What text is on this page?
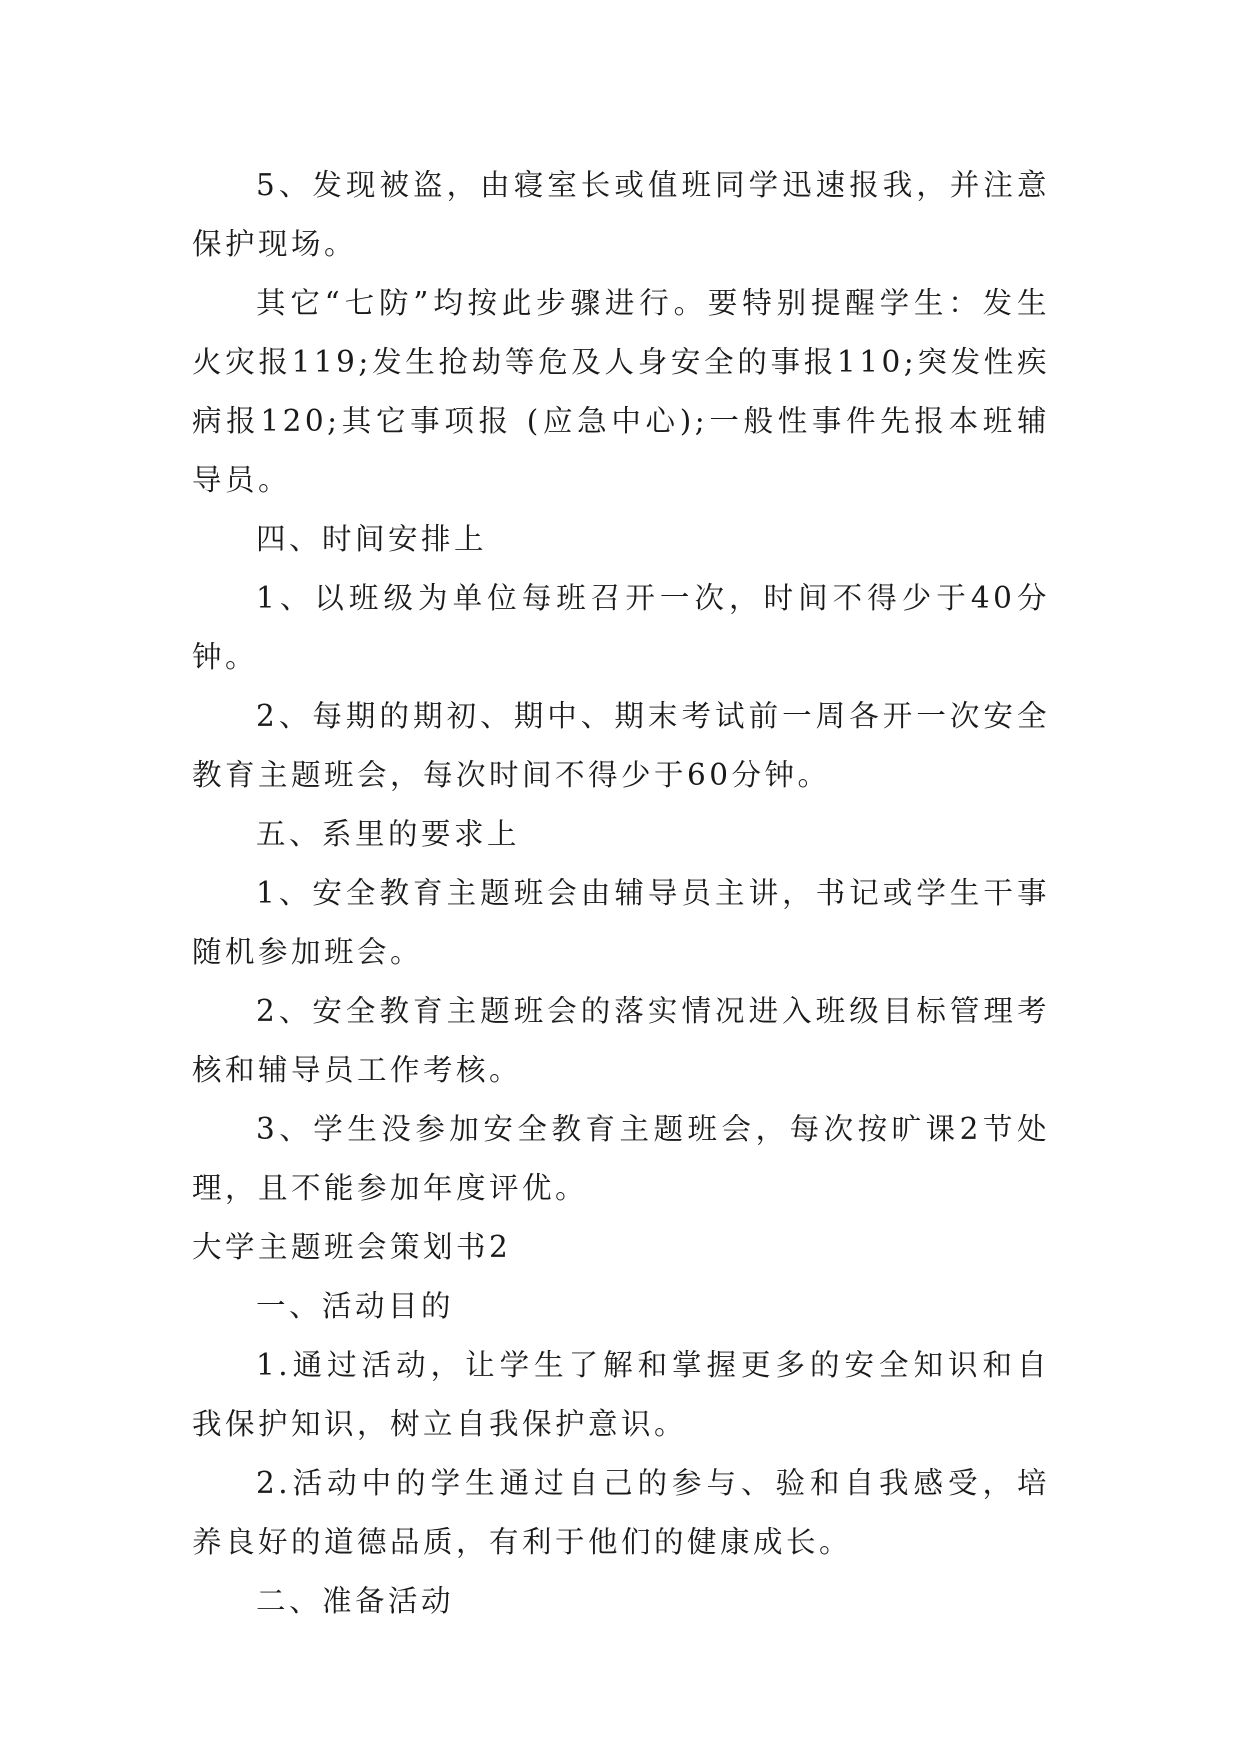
5、发现被盗，由寝室长或值班同学迅速报我，并注意保护现场。

其它“七防”均按此步骤进行。要特别提醒学生：发生火灾报119;发生抢劫等危及人身安全的事报110;突发性疾病报120;其它事项报 (应急中心);一般性事件先报本班辅导员。

四、时间安排上

1、以班级为单位每班召开一次，时间不得少于40分钟。

2、每期的期初、期中、期末考试前一周各开一次安全教育主题班会，每次时间不得少于60分钟。

五、系里的要求上

1、安全教育主题班会由辅导员主讲，书记或学生干事随机参加班会。

2、安全教育主题班会的落实情况进入班级目标管理考核和辅导员工作考核。

3、学生没参加安全教育主题班会，每次按旷课2节处理，且不能参加年度评优。

大学主题班会策划书2

一、活动目的

1.通过活动，让学生了解和掌握更多的安全知识和自我保护知识，树立自我保护意识。

2.活动中的学生通过自己的参与、验和自我感受，培养良好的道德品质，有利于他们的健康成长。

二、准备活动
